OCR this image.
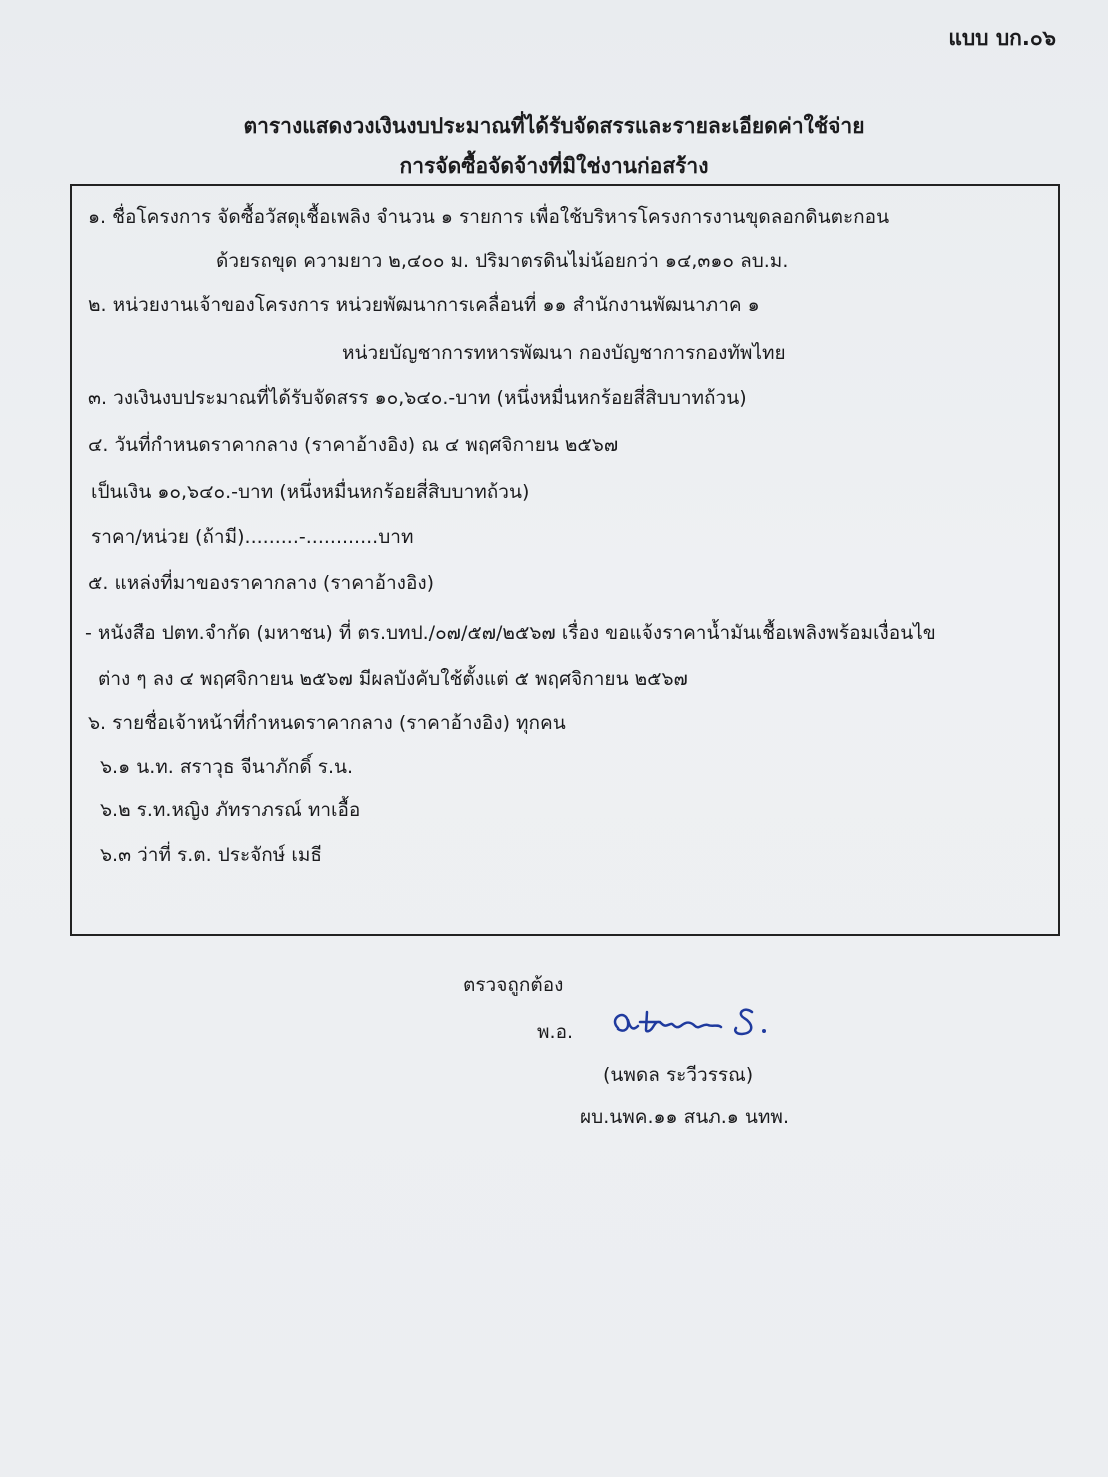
แบบ บก.๐๖
ตารางแสดงวงเงินงบประมาณที่ได้รับจัดสรรและรายละเอียดค่าใช้จ่าย
การจัดซื้อจัดจ้างที่มิใช่งานก่อสร้าง
๑. ชื่อโครงการ จัดซื้อวัสดุเชื้อเพลิง จำนวน ๑ รายการ เพื่อใช้บริหารโครงการงานขุดลอกดินตะกอน
ด้วยรถขุด ความยาว ๒,๔๐๐ ม. ปริมาตรดินไม่น้อยกว่า ๑๔,๓๑๐ ลบ.ม.
๒. หน่วยงานเจ้าของโครงการ หน่วยพัฒนาการเคลื่อนที่ ๑๑ สำนักงานพัฒนาภาค ๑
หน่วยบัญชาการทหารพัฒนา กองบัญชาการกองทัพไทย
๓. วงเงินงบประมาณที่ได้รับจัดสรร ๑๐,๖๔๐.-บาท (หนึ่งหมื่นหกร้อยสี่สิบบาทถ้วน)
๔. วันที่กำหนดราคากลาง (ราคาอ้างอิง) ณ ๔ พฤศจิกายน ๒๕๖๗
เป็นเงิน ๑๐,๖๔๐.-บาท (หนึ่งหมื่นหกร้อยสี่สิบบาทถ้วน)
ราคา/หน่วย (ถ้ามี).........-............บาท
๕. แหล่งที่มาของราคากลาง (ราคาอ้างอิง)
- หนังสือ ปตท.จำกัด (มหาชน) ที่ ตร.บทป./๐๗/๕๗/๒๕๖๗ เรื่อง ขอแจ้งราคาน้ำมันเชื้อเพลิงพร้อมเงื่อนไข
ต่าง ๆ ลง ๔ พฤศจิกายน ๒๕๖๗ มีผลบังคับใช้ตั้งแต่ ๕ พฤศจิกายน ๒๕๖๗
๖. รายชื่อเจ้าหน้าที่กำหนดราคากลาง (ราคาอ้างอิง) ทุกคน
๖.๑ น.ท. สราวุธ จีนาภักดิ์ ร.น.
๖.๒ ร.ท.หญิง ภัทราภรณ์ ทาเอื้อ
๖.๓ ว่าที่ ร.ต. ประจักษ์ เมธี
ตรวจถูกต้อง
พ.อ.
(นพดล ระวีวรรณ)
ผบ.นพค.๑๑ สนภ.๑ นทพ.
